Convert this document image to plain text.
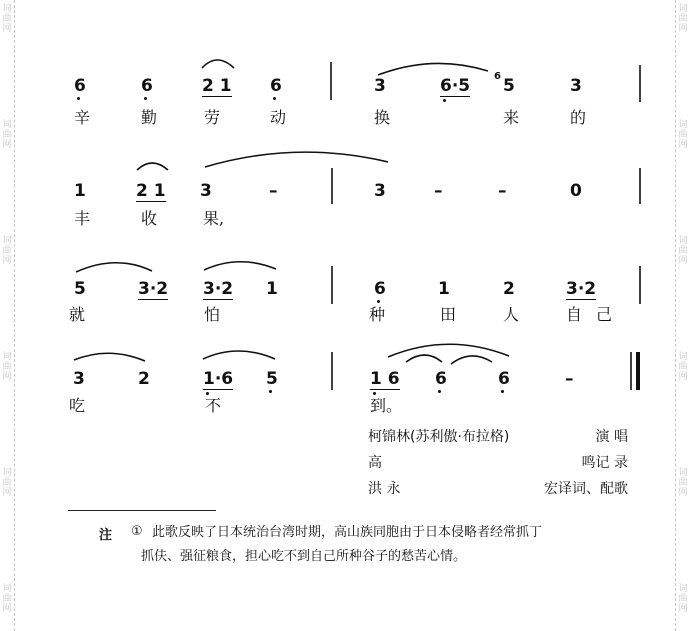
词曲网
词曲网
词曲网
词曲网
词曲网
词曲网
词曲网
词曲网
词曲网
词曲网
词曲网
词曲网
6	6	2 1 6	3	6·5 5
6	3
辛	勤	劳	动	换	来	的
1	2 1 3	–	3	–	–	0
丰	收	果,
5	3·2 3·2 1	6	1	2	3·2
就	怕	种	田	人	自 己
3	2	1·6 5	1 6 6	6	–
吃	不	到。
柯锦林(苏利傲·布拉格)	演 唱
高	鸣记 录
洪 永	宏译词、配歌
注 ① 此歌反映了日本统治台湾时期，高山族同胞由于日本侵略者经常抓丁
抓伕、强征粮食，担心吃不到自己所种谷子的愁苦心情。
